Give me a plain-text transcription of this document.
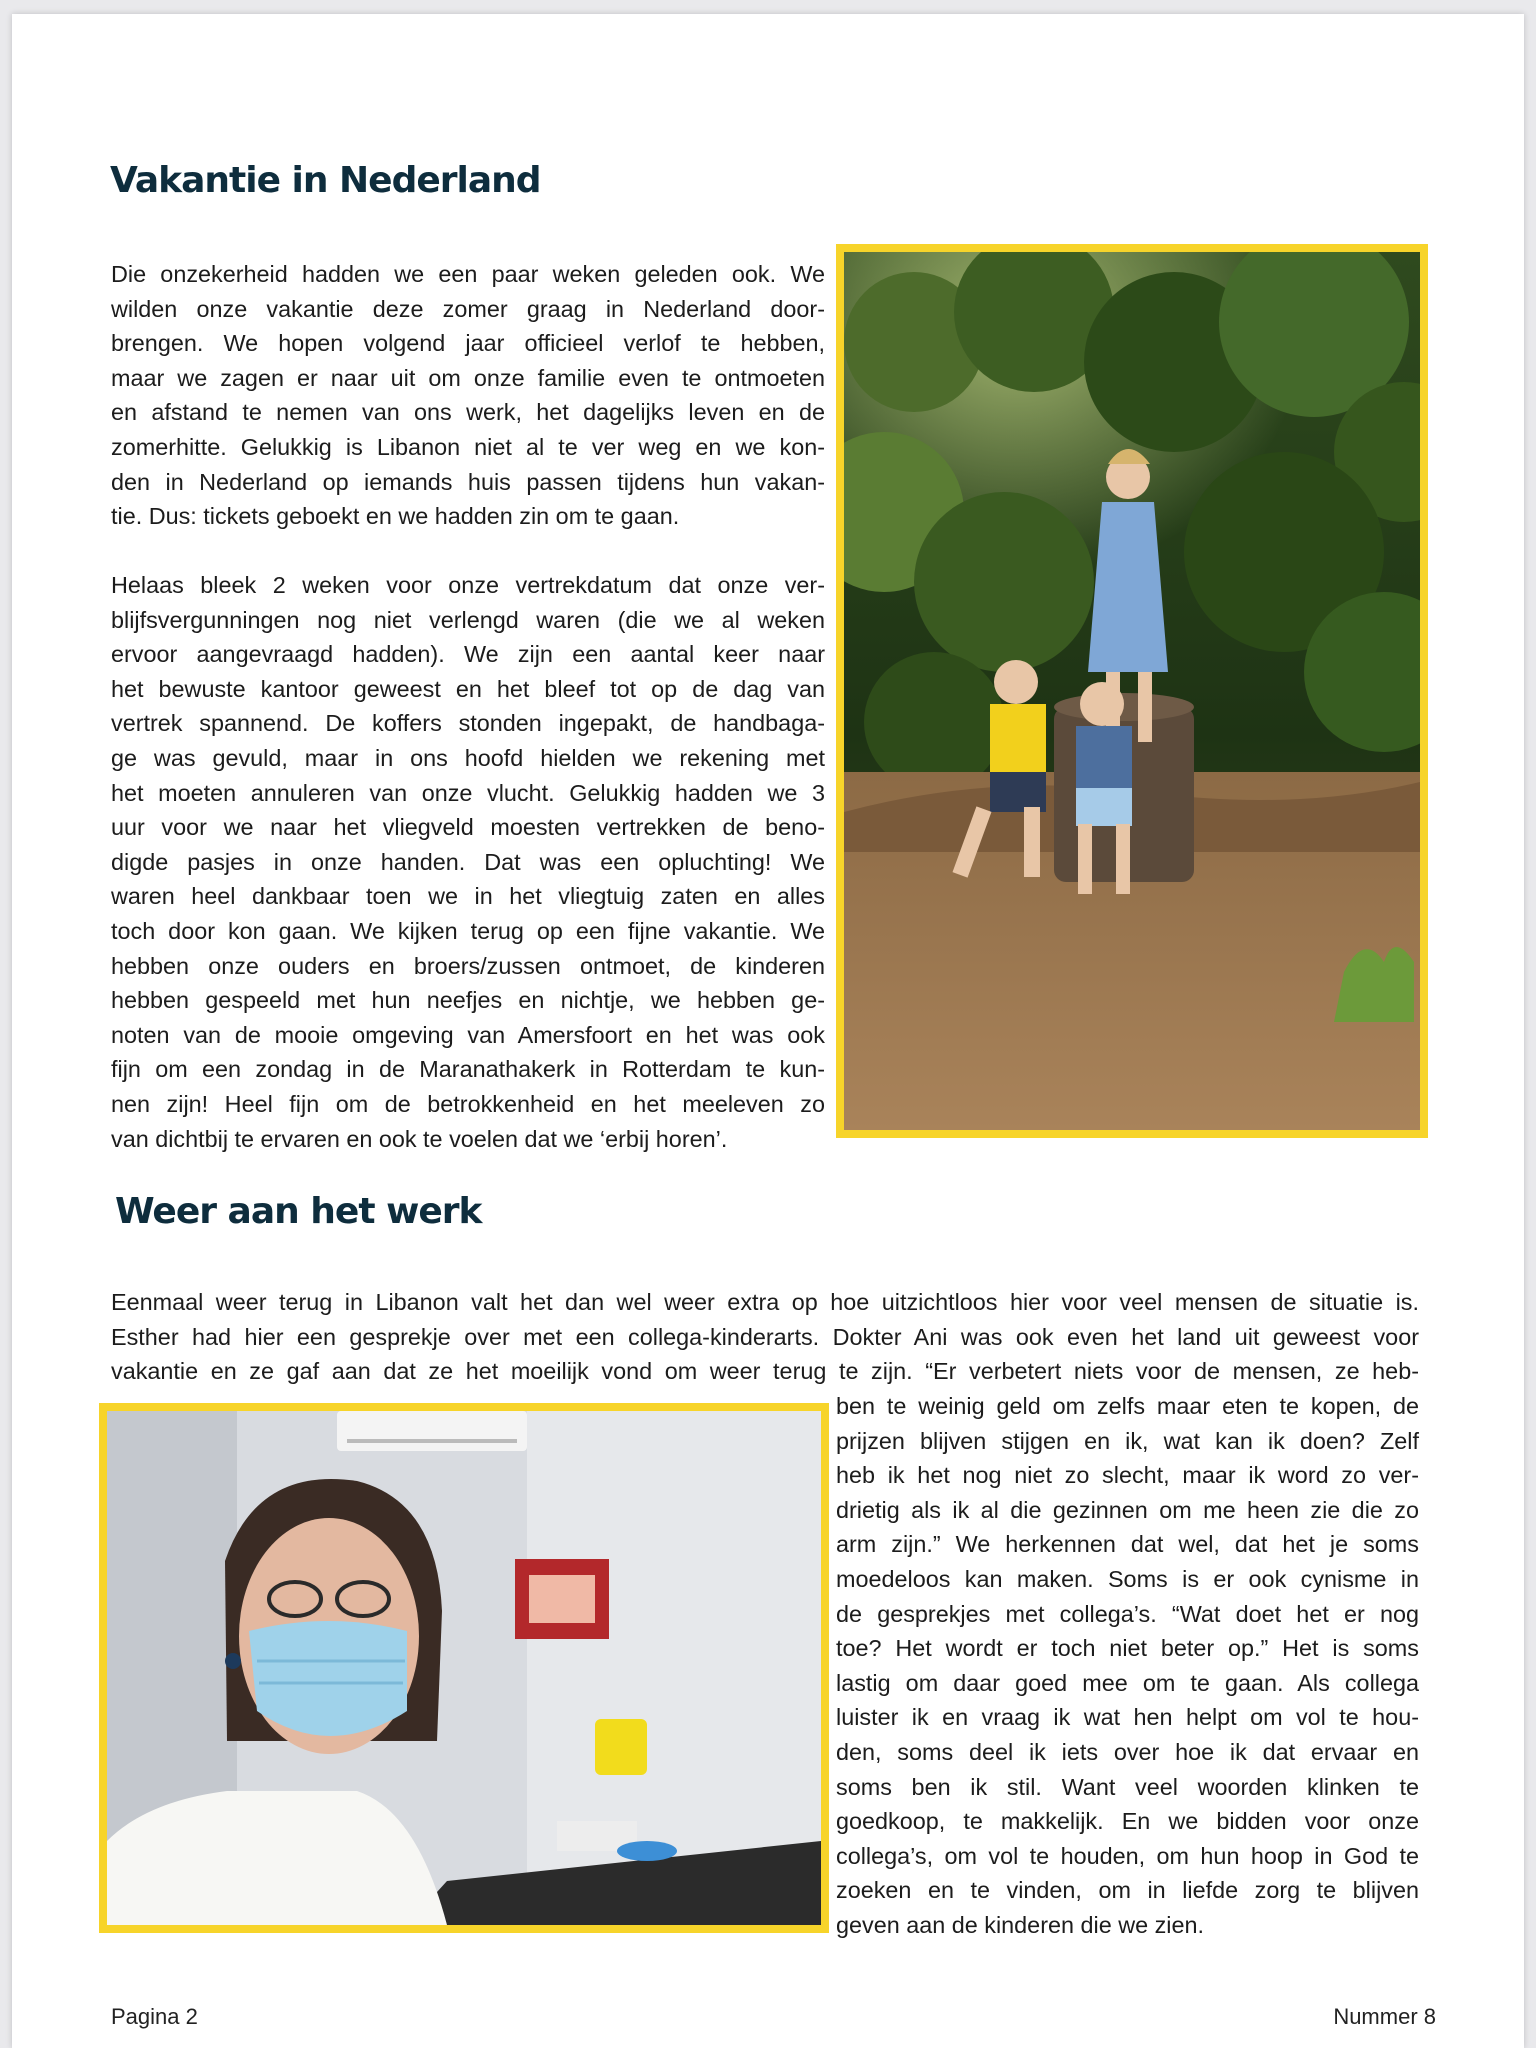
Vakantie in Nederland
Die onzekerheid hadden we een paar weken geleden ook. We
wilden onze vakantie deze zomer graag in Nederland door-
brengen. We hopen volgend jaar officieel verlof te hebben,
maar we zagen er naar uit om onze familie even te ontmoeten
en afstand te nemen van ons werk, het dagelijks leven en de
zomerhitte. Gelukkig is Libanon niet al te ver weg en we kon-
den in Nederland op iemands huis passen tijdens hun vakan-
tie. Dus: tickets geboekt en we hadden zin om te gaan.
Helaas bleek 2 weken voor onze vertrekdatum dat onze ver-
blijfsvergunningen nog niet verlengd waren (die we al weken
ervoor aangevraagd hadden). We zijn een aantal keer naar
het bewuste kantoor geweest en het bleef tot op de dag van
vertrek spannend. De koffers stonden ingepakt, de handbaga-
ge was gevuld, maar in ons hoofd hielden we rekening met
het moeten annuleren van onze vlucht. Gelukkig hadden we 3
uur voor we naar het vliegveld moesten vertrekken de beno-
digde pasjes in onze handen. Dat was een opluchting! We
waren heel dankbaar toen we in het vliegtuig zaten en alles
toch door kon gaan. We kijken terug op een fijne vakantie. We
hebben onze ouders en broers/zussen ontmoet, de kinderen
hebben gespeeld met hun neefjes en nichtje, we hebben ge-
noten van de mooie omgeving van Amersfoort en het was ook
fijn om een zondag in de Maranathakerk in Rotterdam te kun-
nen zijn! Heel fijn om de betrokkenheid en het meeleven zo
van dichtbij te ervaren en ook te voelen dat we ‘erbij horen’.
Weer aan het werk
Eenmaal weer terug in Libanon valt het dan wel weer extra op hoe uitzichtloos hier voor veel mensen de situatie is.
Esther had hier een gesprekje over met een collega-kinderarts. Dokter Ani was ook even het land uit geweest voor
vakantie en ze gaf aan dat ze het moeilijk vond om weer terug te zijn. “Er verbetert niets voor de mensen, ze heb-
ben te weinig geld om zelfs maar eten te kopen, de
prijzen blijven stijgen en ik, wat kan ik doen? Zelf
heb ik het nog niet zo slecht, maar ik word zo ver-
drietig als ik al die gezinnen om me heen zie die zo
arm zijn.” We herkennen dat wel, dat het je soms
moedeloos kan maken. Soms is er ook cynisme in
de gesprekjes met collega’s. “Wat doet het er nog
toe? Het wordt er toch niet beter op.” Het is soms
lastig om daar goed mee om te gaan. Als collega
luister ik en vraag ik wat hen helpt om vol te hou-
den, soms deel ik iets over hoe ik dat ervaar en
soms ben ik stil. Want veel woorden klinken te
goedkoop, te makkelijk. En we bidden voor onze
collega’s, om vol te houden, om hun hoop in God te
zoeken en te vinden, om in liefde zorg te blijven
geven aan de kinderen die we zien.
Pagina 2	Nummer 8
